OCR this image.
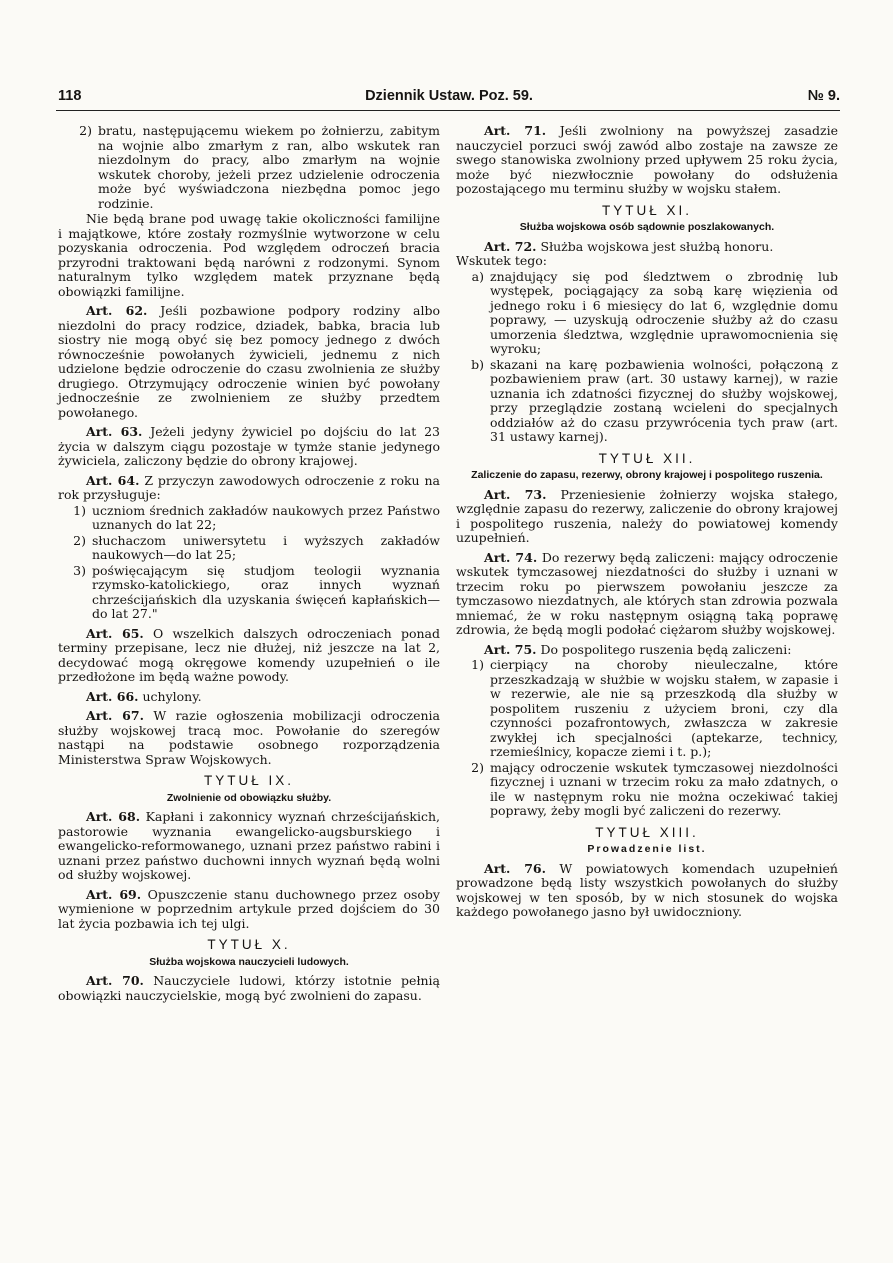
118	Dziennik Ustaw. Poz. 59.	№ 9.
2) bratu, następującemu wiekem po żołnierzu, zabitym na wojnie albo zmarłym z ran, albo wskutek ran niezdolnym do pracy, albo zmarłym na wojnie wskutek choroby, jeżeli przez udzielenie odroczenia może być wyświadczona niezbędna pomoc jego rodzinie.

Nie będą brane pod uwagę takie okoliczności familijne i majątkowe, które zostały rozmyślnie wytworzone w celu pozyskania odroczenia. Pod względem odroczeń bracia przyrodni traktowani będą narówni z rodzonymi. Synom naturalnym tylko względem matek przyznane będą obowiązki familijne.

Art. 62. Jeśli pozbawione podpory rodziny albo niezdolni do pracy rodzice, dziadek, babka, bracia lub siostry nie mogą obyć się bez pomocy jednego z dwóch równocześnie powołanych żywicieli, jednemu z nich udzielone będzie odroczenie do czasu zwolnienia ze służby drugiego. Otrzymujący odroczenie winien być powołany jednocześnie ze zwolnieniem ze służby przedtem powołanego.

Art. 63. Jeżeli jedyny żywiciel po dojściu do lat 23 życia w dalszym ciągu pozostaje w tymże stanie jedynego żywiciela, zaliczony będzie do obrony krajowej.

Art. 64. Z przyczyn zawodowych odroczenie z roku na rok przysługuje:

1) uczniom średnich zakładów naukowych przez Państwo uznanych do lat 22;
2) słuchaczom uniwersytetu i wyższych zakładów naukowych—do lat 25;
3) poświęcającym się studjom teologii wyznania rzymsko-katolickiego, oraz innych wyznań chrześcijańskich dla uzyskania święceń kapłańskich—do lat 27."

Art. 65. O wszelkich dalszych odroczeniach ponad terminy przepisane, lecz nie dłużej, niż jeszcze na lat 2, decydować mogą okręgowe komendy uzupełnień o ile przedłożone im będą ważne powody.

Art. 66. uchylony.

Art. 67. W razie ogłoszenia mobilizacji odroczenia służby wojskowej tracą moc. Powołanie do szeregów nastąpi na podstawie osobnego rozporządzenia Ministerstwa Spraw Wojskowych.

TYTUŁ IX.
Zwolnienie od obowiązku służby.

Art. 68. Kapłani i zakonnicy wyznań chrześcijańskich, pastorowie wyznania ewangelicko-augsburskiego i ewangelicko-reformowanego, uznani przez państwo rabini i uznani przez państwo duchowni innych wyznań będą wolni od służby wojskowej.

Art. 69. Opuszczenie stanu duchownego przez osoby wymienione w poprzednim artykule przed dojściem do 30 lat życia pozbawia ich tej ulgi.

TYTUŁ X.
Służba wojskowa nauczycieli ludowych.

Art. 70. Nauczyciele ludowi, którzy istotnie pełnią obowiązki nauczycielskie, mogą być zwolnieni do zapasu.

Art. 71. Jeśli zwolniony na powyższej zasadzie nauczyciel porzuci swój zawód albo zostaje na zawsze ze swego stanowiska zwolniony przed upływem 25 roku życia, może być niezwłocznie powołany do odsłużenia pozostającego mu terminu służby w wojsku stałem.

TYTUŁ XI.
Służba wojskowa osób sądownie poszlakowanych.

Art. 72. Służba wojskowa jest służbą honoru.

Wskutek tego:

a) znajdujący się pod śledztwem o zbrodnię lub występek, pociągający za sobą karę więzienia od jednego roku i 6 miesięcy do lat 6, względnie domu poprawy, — uzyskują odroczenie służby aż do czasu umorzenia śledztwa, względnie uprawomocnienia się wyroku;
b) skazani na karę pozbawienia wolności, połączoną z pozbawieniem praw (art. 30 ustawy karnej), w razie uznania ich zdatności fizycznej do służby wojskowej, przy przeglądzie zostaną wcieleni do specjalnych oddziałów aż do czasu przywrócenia tych praw (art. 31 ustawy karnej).
TYTUŁ XII.
Zaliczenie do zapasu, rezerwy, obrony krajowej i pospolitego ruszenia.

Art. 73. Przeniesienie żołnierzy wojska stałego, względnie zapasu do rezerwy, zaliczenie do obrony krajowej i pospolitego ruszenia, należy do powiatowej komendy uzupełnień.

Art. 74. Do rezerwy będą zaliczeni: mający odroczenie wskutek tymczasowej niezdatności do służby i uznani w trzecim roku po pierwszem powołaniu jeszcze za tymczasowo niezdatnych, ale których stan zdrowia pozwala mniemać, że w roku następnym osiągną taką poprawę zdrowia, że będą mogli podołać ciężarom służby wojskowej.

Art. 75. Do pospolitego ruszenia będą zaliczeni:

1) cierpiący na choroby nieuleczalne, które przeszkadzają w służbie w wojsku stałem, w zapasie i w rezerwie, ale nie są przeszkodą dla służby w pospolitem ruszeniu z użyciem broni, czy dla czynności pozafrontowych, zwłaszcza w zakresie zwykłej ich specjalności (aptekarze, technicy, rzemieślnicy, kopacze ziemi i t. p.);
2) mający odroczenie wskutek tymczasowej niezdolności fizycznej i uznani w trzecim roku za mało zdatnych, o ile w następnym roku nie można oczekiwać takiej poprawy, żeby mogli być zaliczeni do rezerwy.
TYTUŁ XIII.
Prowadzenie list.

Art. 76. W powiatowych komendach uzupełnień prowadzone będą listy wszystkich powołanych do służby wojskowej w ten sposób, by w nich stosunek do wojska każdego powołanego jasno był uwidoczniony.
